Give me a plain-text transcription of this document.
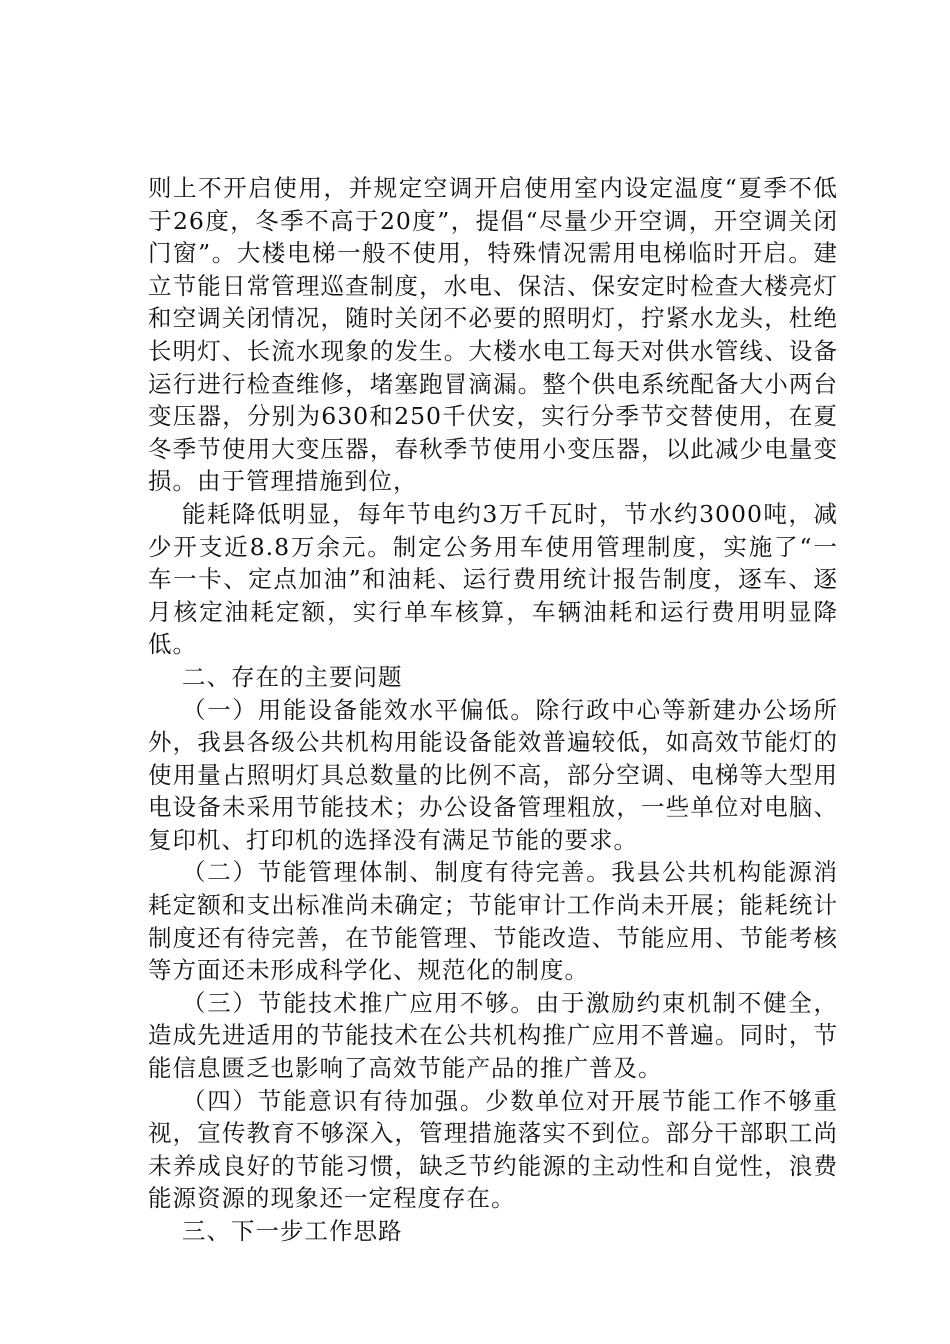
则上不开启使用，并规定空调开启使用室内设定温度“夏季不低于26度，冬季不高于20度”，提倡“尽量少开空调，开空调关闭门窗”。大楼电梯一般不使用，特殊情况需用电梯临时开启。建立节能日常管理巡查制度，水电、保洁、保安定时检查大楼亮灯和空调关闭情况，随时关闭不必要的照明灯，拧紧水龙头，杜绝长明灯、长流水现象的发生。大楼水电工每天对供水管线、设备运行进行检查维修，堵塞跑冒滴漏。整个供电系统配备大小两台变压器，分别为630和250千伏安，实行分季节交替使用，在夏冬季节使用大变压器，春秋季节使用小变压器，以此减少电量变损。由于管理措施到位，

能耗降低明显，每年节电约3万千瓦时，节水约3000吨，减少开支近8.8万余元。制定公务用车使用管理制度，实施了“一车一卡、定点加油”和油耗、运行费用统计报告制度，逐车、逐月核定油耗定额，实行单车核算，车辆油耗和运行费用明显降低。

二、存在的主要问题

（一）用能设备能效水平偏低。除行政中心等新建办公场所外，我县各级公共机构用能设备能效普遍较低，如高效节能灯的使用量占照明灯具总数量的比例不高，部分空调、电梯等大型用电设备未采用节能技术；办公设备管理粗放，一些单位对电脑、复印机、打印机的选择没有满足节能的要求。

（二）节能管理体制、制度有待完善。我县公共机构能源消耗定额和支出标准尚未确定；节能审计工作尚未开展；能耗统计制度还有待完善，在节能管理、节能改造、节能应用、节能考核等方面还未形成科学化、规范化的制度。

（三）节能技术推广应用不够。由于激励约束机制不健全，造成先进适用的节能技术在公共机构推广应用不普遍。同时，节能信息匮乏也影响了高效节能产品的推广普及。

（四）节能意识有待加强。少数单位对开展节能工作不够重视，宣传教育不够深入，管理措施落实不到位。部分干部职工尚未养成良好的节能习惯，缺乏节约能源的主动性和自觉性，浪费能源资源的现象还一定程度存在。

三、下一步工作思路
